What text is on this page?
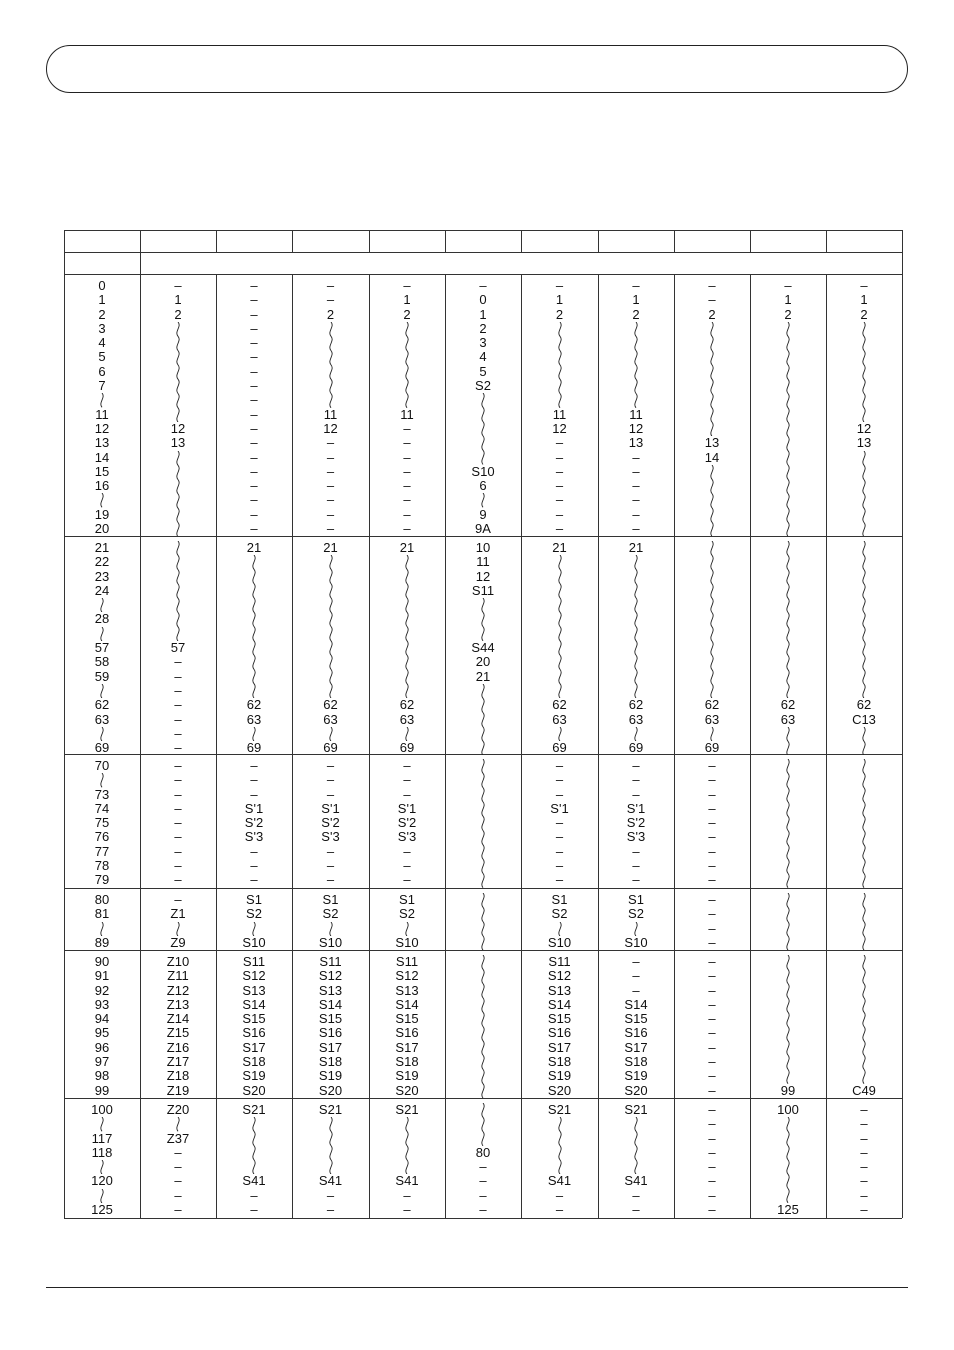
0
1
2
3
4
5
6
7
11
12
13
14
15
16
19
20
–
1
2
12
13
–
–
–
–
–
–
–
–
–
–
–
–
–
–
–
–
–
–
–
–
2
11
12
–
–
–
–
–
–
–
–
1
2
11
–
–
–
–
–
–
–
–
–
0
1
2
3
4
5
S2
S10
6
9
9A
–
1
2
11
12
–
–
–
–
–
–
–
–
1
2
11
12
13
–
–
–
–
–
–
–
–
2
13
14
–
1
2
–
1
2
12
13
21
22
23
24
28
57
58
59
62
63
69
57
–
–
–
–
–
–
–
21
62
63
69
21
62
63
69
21
62
63
69
10
11
12
S11
S44
20
21
21
62
63
69
21
62
63
69
62
63
69
62
63
62
C13
70
73
74
75
76
77
78
79
–
–
–
–
–
–
–
–
–
–
–
–
S'1
S'2
S'3
–
–
–
–
–
–
S'1
S'2
S'3
–
–
–
–
–
–
S'1
S'2
S'3
–
–
–
–
–
–
S'1
–
–
–
–
–
–
–
–
S'1
S'2
S'3
–
–
–
–
–
–
–
–
–
–
–
–
80
81
89
–
Z1
Z9
S1
S2
S10
S1
S2
S10
S1
S2
S10
S1
S2
S10
S1
S2
S10
–
–
–
–
90
91
92
93
94
95
96
97
98
99
Z10
Z11
Z12
Z13
Z14
Z15
Z16
Z17
Z18
Z19
S11
S12
S13
S14
S15
S16
S17
S18
S19
S20
S11
S12
S13
S14
S15
S16
S17
S18
S19
S20
S11
S12
S13
S14
S15
S16
S17
S18
S19
S20
S11
S12
S13
S14
S15
S16
S17
S18
S19
S20
–
–
–
S14
S15
S16
S17
S18
S19
S20
–
–
–
–
–
–
–
–
–
–	99	C49
100
117
118
120
125
Z20
Z37
–
–
–
–
–
S21
S41
–
–
S21
S41
–
–
S21
S41
–
–
80
–
–
–
–
S21
S41
–
–
S21
S41
–
–
–
–
–
–
–
–
–
–
100
125
–
–
–
–
–
–
–
–
